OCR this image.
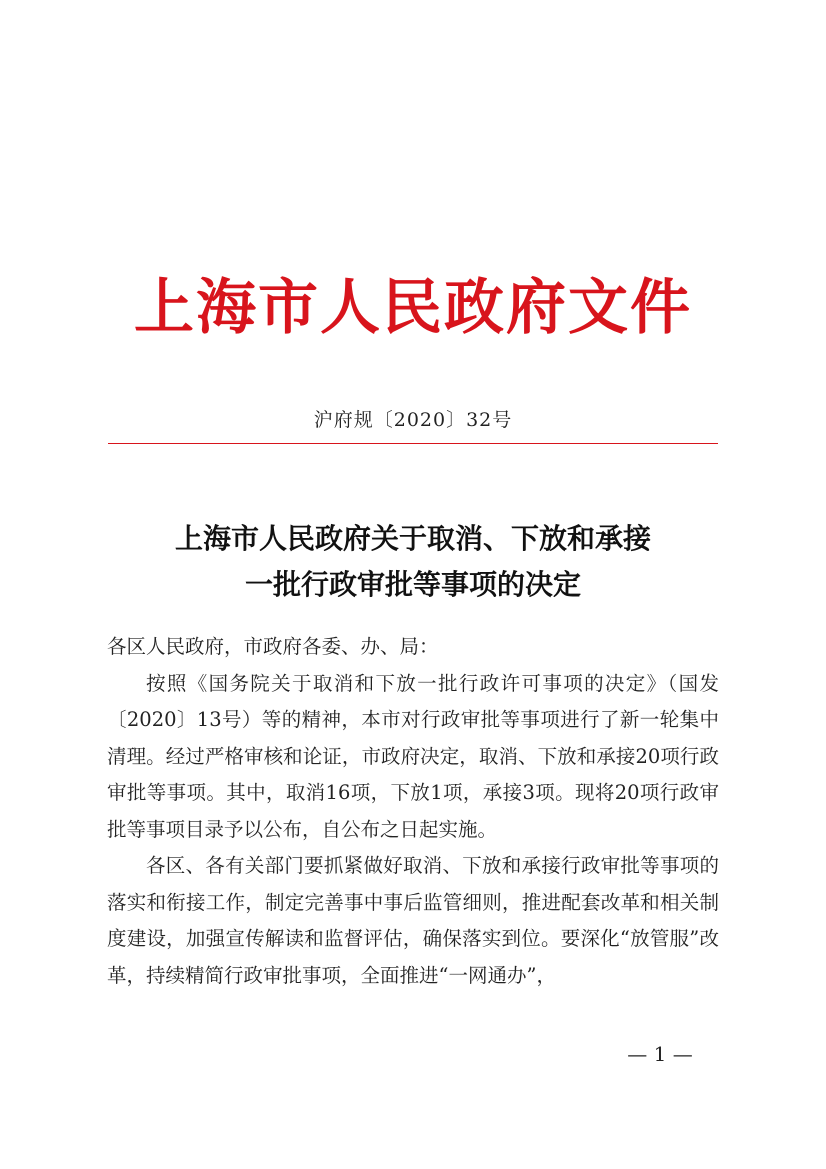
上海市人民政府文件
沪府规〔2020〕32号
上海市人民政府关于取消、下放和承接
一批行政审批等事项的决定

各区人民政府，市政府各委、办、局：

按照《国务院关于取消和下放一批行政许可事项的决定》（国发〔2020〕13号）等的精神，本市对行政审批等事项进行了新一轮集中清理。经过严格审核和论证，市政府决定，取消、下放和承接20项行政审批等事项。其中，取消16项，下放1项，承接3项。现将20项行政审批等事项目录予以公布，自公布之日起实施。

各区、各有关部门要抓紧做好取消、下放和承接行政审批等事项的落实和衔接工作，制定完善事中事后监管细则，推进配套改革和相关制度建设，加强宣传解读和监督评估，确保落实到位。要深化“放管服”改革，持续精简行政审批事项，全面推进“一网通办”，

— 1 —
